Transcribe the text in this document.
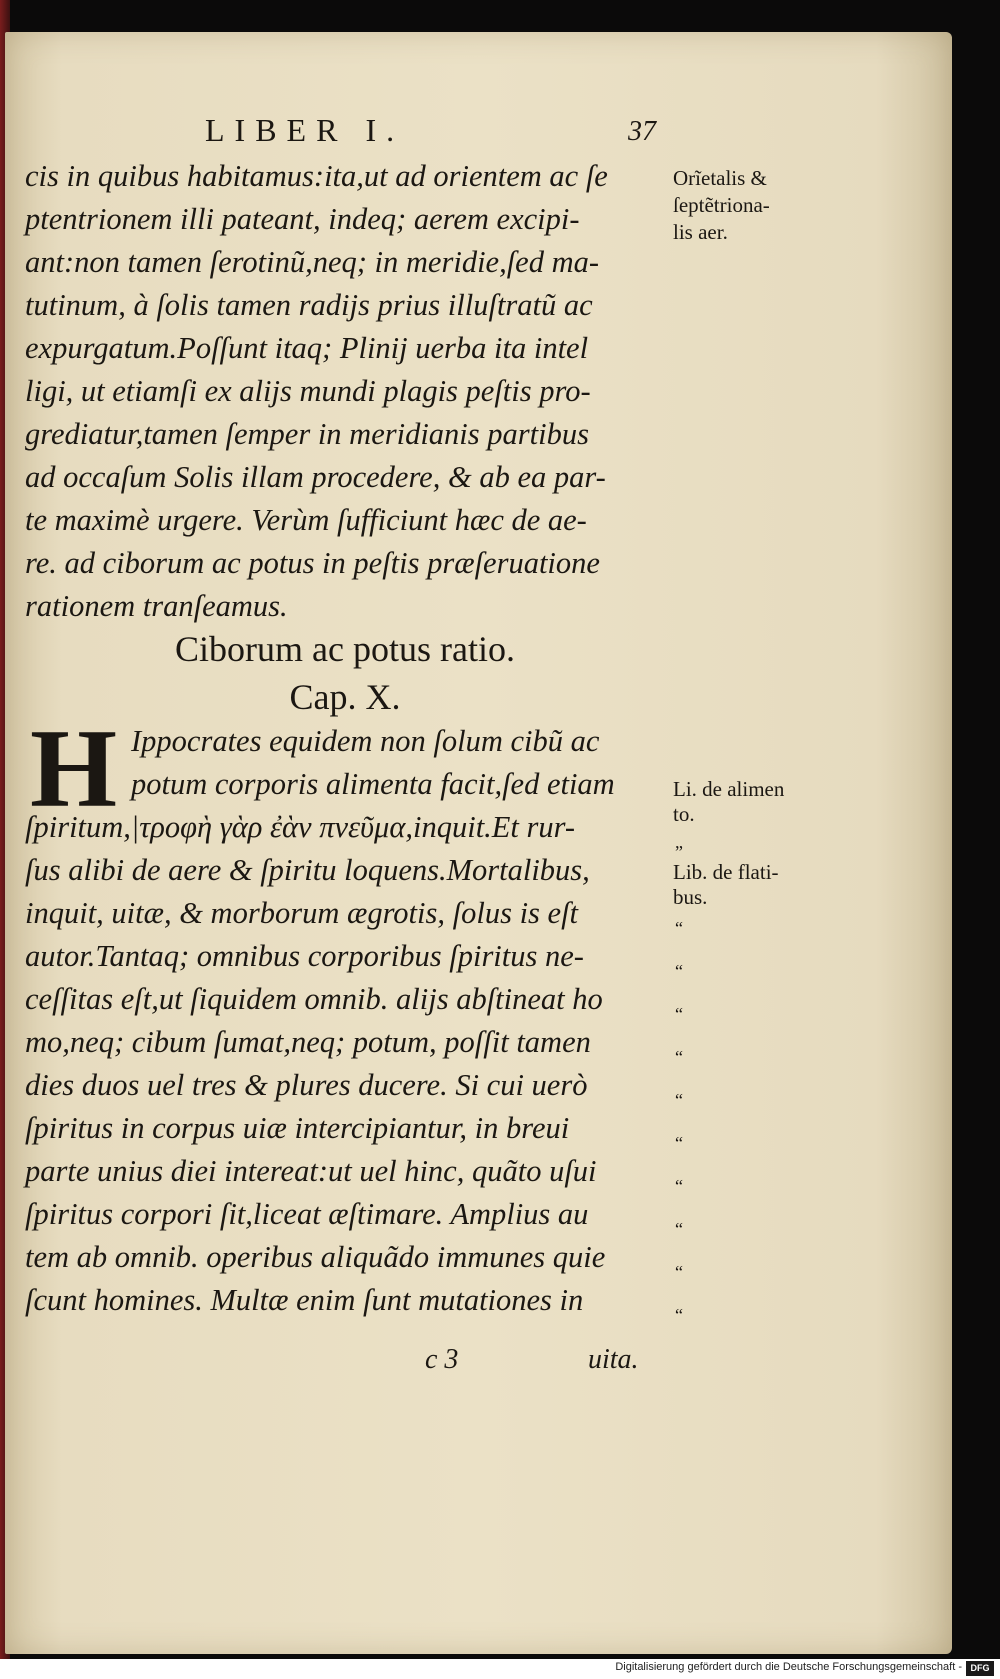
LIBER I.	37
cis in quibus habitamus:ita,ut ad orientem ac ſe
ptentrionem illi pateant, indeq; aerem excipi-
ant:non tamen ſerotinũ,neq; in meridie,ſed ma-
tutinum, à ſolis tamen radijs prius illuſtratũ ac
expurgatum.Poſſunt itaq; Plinij uerba ita intel
ligi, ut etiamſi ex alijs mundi plagis peſtis pro-
grediatur,tamen ſemper in meridianis partibus
ad occaſum Solis illam procedere, & ab ea par-
te maximè urgere. Verùm ſufficiunt hæc de ae-
re. ad ciborum ac potus in peſtis præſeruatione
rationem tranſeamus.
Ciborum ac potus ratio.
Cap. X.
H Ippocrates equidem non ſolum cibũ ac
potum corporis alimenta facit,ſed etiam
ſpiritum,|τροφὴ γὰρ ἐὰν πνεῦμα,inquit.Et rur-
ſus alibi de aere & ſpiritu loquens.Mortalibus,
inquit, uitæ, & morborum ægrotis, ſolus is eſt
autor.Tantaq; omnibus corporibus ſpiritus ne-
ceſſitas eſt,ut ſiquidem omnib. alijs abſtineat ho
mo,neq; cibum ſumat,neq; potum, poſſit tamen
dies duos uel tres & plures ducere. Si cui uerò
ſpiritus in corpus uiæ intercipiantur, in breui
parte unius diei intereat:ut uel hinc, quãto uſui
ſpiritus corpori ſit,liceat æſtimare. Amplius au
tem ab omnib. operibus aliquãdo immunes quie
ſcunt homines. Multæ enim ſunt mutationes in
Orĩetalis &
ſeptẽtriona-
lis aer.
Li. de alimen
to.
„
Lib. de flati-
bus.
“
“
“
“
“
“
“
“
“
“
c 3	uita.
Digitalisierung gefördert durch die Deutsche Forschungsgemeinschaft - DFG
